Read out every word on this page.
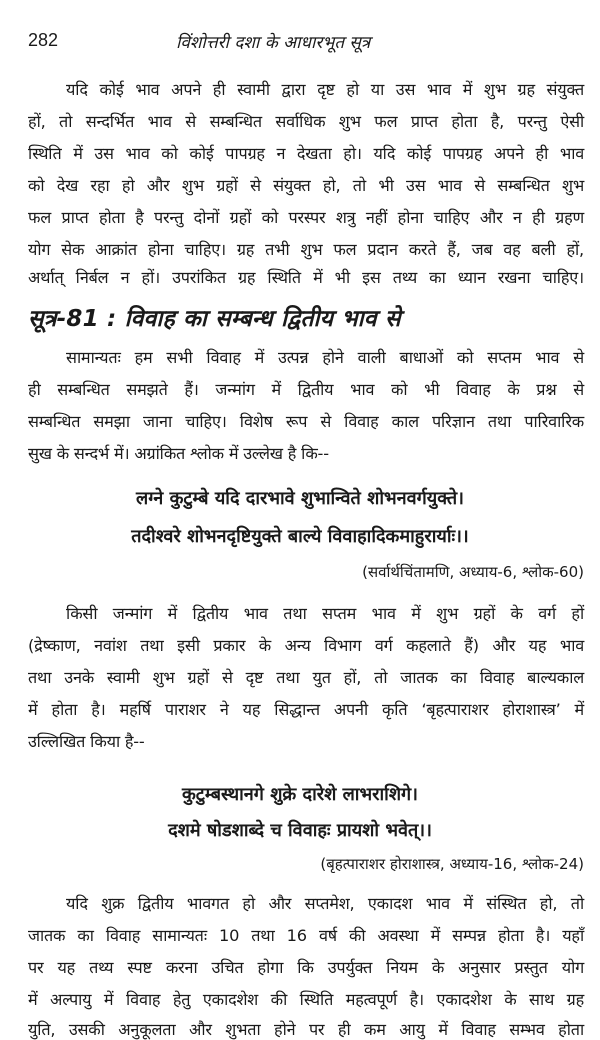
282	विंशोत्तरी दशा के आधारभूत सूत्र
यदि कोई भाव अपने ही स्वामी द्वारा दृष्ट हो या उस भाव में शुभ ग्रह संयुक्त
हों, तो सन्दर्भित भाव से सम्बन्धित सर्वाधिक शुभ फल प्राप्त होता है, परन्तु ऐसी
स्थिति में उस भाव को कोई पापग्रह न देखता हो। यदि कोई पापग्रह अपने ही भाव
को देख रहा हो और शुभ ग्रहों से संयुक्त हो, तो भी उस भाव से सम्बन्धित शुभ
फल प्राप्त होता है परन्तु दोनों ग्रहों को परस्पर शत्रु नहीं होना चाहिए और न ही ग्रहण
योग सेक आक्रांत होना चाहिए। ग्रह तभी शुभ फल प्रदान करते हैं, जब वह बली हों,
अर्थात् निर्बल न हों। उपरांकित ग्रह स्थिति में भी इस तथ्य का ध्यान रखना चाहिए।
सूत्र-81 : विवाह का सम्बन्ध द्वितीय भाव से
सामान्यतः हम सभी विवाह में उत्पन्न होने वाली बाधाओं को सप्तम भाव से
ही सम्बन्धित समझते हैं। जन्मांग में द्वितीय भाव को भी विवाह के प्रश्न से
सम्बन्धित समझा जाना चाहिए। विशेष रूप से विवाह काल परिज्ञान तथा पारिवारिक
सुख के सन्दर्भ में। अग्रांकित श्लोक में उल्लेख है कि--
लग्ने कुटुम्बे यदि दारभावे शुभान्विते शोभनवर्गयुक्ते।
तदीश्वरे शोभनदृष्टियुक्ते बाल्ये विवाहादिकमाहुरार्याः।।
(सर्वार्थचिंतामणि, अध्याय-6, श्लोक-60)
किसी जन्मांग में द्वितीय भाव तथा सप्तम भाव में शुभ ग्रहों के वर्ग हों
(द्रेष्काण, नवांश तथा इसी प्रकार के अन्य विभाग वर्ग कहलाते हैं) और यह भाव
तथा उनके स्वामी शुभ ग्रहों से दृष्ट तथा युत हों, तो जातक का विवाह बाल्यकाल
में होता है। महर्षि पाराशर ने यह सिद्धान्त अपनी कृति ‘बृहत्पाराशर होराशास्त्र’ में
उल्लिखित किया है--
कुटुम्बस्थानगे शुक्रे दारेशे लाभराशिगे।
दशमे षोडशाब्दे च विवाहः प्रायशो भवेत्।।
(बृहत्पाराशर होराशास्त्र, अध्याय-16, श्लोक-24)
यदि शुक्र द्वितीय भावगत हो और सप्तमेश, एकादश भाव में संस्थित हो, तो
जातक का विवाह सामान्यतः 10 तथा 16 वर्ष की अवस्था में सम्पन्न होता है। यहाँ
पर यह तथ्य स्पष्ट करना उचित होगा कि उपर्युक्त नियम के अनुसार प्रस्तुत योग
में अल्पायु में विवाह हेतु एकादशेश की स्थिति महत्वपूर्ण है। एकादशेश के साथ ग्रह
युति, उसकी अनुकूलता और शुभता होने पर ही कम आयु में विवाह सम्भव होता
